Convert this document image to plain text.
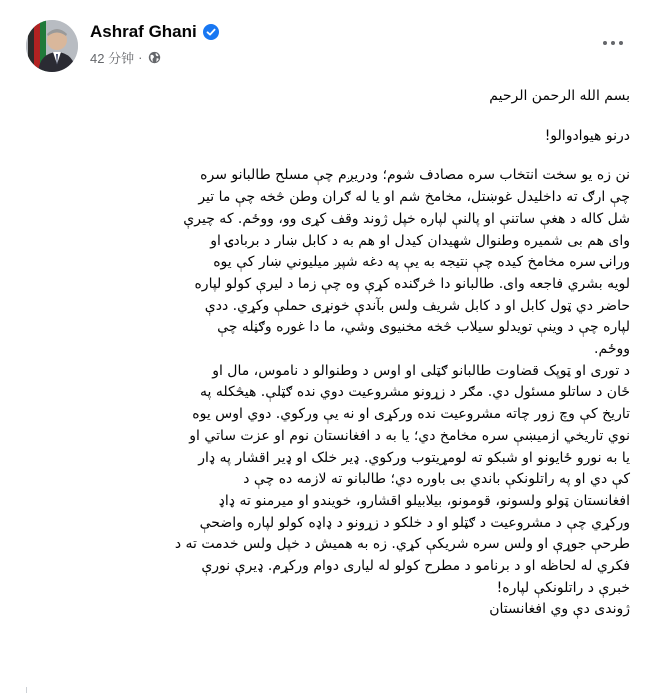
Ashraf Ghani
42 分钟 ·

بسم الله الرحمن الرحيم

درنو هيوادوالو!

نن زه يو سخت انتخاب سره مصادف شوم؛ ودريږم چې مسلح طالبانو سره

چې ارګ ته داخليدل غوښتل، مخامخ شم او يا له ګران وطن څخه چې ما تير

شل کاله د هغې ساتنې او پالنې لپاره خپل ژوند وقف کړی وو، ووځم. که چيرې

وای هم بی شميره وطنوال شهيدان کيدل او هم به د کابل ښار د بربادۍ او

ورانۍ سره مخامخ کيده چې نتيجه به يې په دغه شپږ ميليوني ښار کې يوه

لويه بشري فاجعه وای. طالبانو دا څرګنده کړې وه چې زما د ليرې کولو لپاره

حاضر دي ټول کابل او د کابل شريف ولس بآندې خونړی حملې وکړي. ددې

لپاره چې د وينې تويدلو سيلاب څخه مخنيوی وشي، ما دا غوره وګڼله چې

ووځم.

د توری او ټوپک قضاوت طالبانو ګټلی او اوس د وطنوالو د ناموس، مال او

ځان د ساتلو مسئول دي. مګر د زړونو مشروعيت دوي نده ګټلې. هيڅکله په

تاريخ کې وچ زور چاته مشروعيت نده ورکړی او نه يې ورکوي. دوي اوس يوه

نوي تاريخي ازميښې سره مخامخ دي؛ يا به د افغانستان نوم او عزت ساتي او

يا به نورو ځايونو او شبکو ته لومړيتوب ورکوي. ډير خلک او ډير اقشار په ډار

کې دي او په راتلونکې باندي بی باوره دي؛ طالبانو ته لازمه ده چې د

افغانستان ټولو ولسونو، قومونو، بيلابيلو اقشارو، خويندو او ميرمنو ته ډاډ

ورکړي چې د مشروعيت د ګټلو او د خلکو د زړونو د ډاډه کولو لپاره واضحې

طرحې جوړې او ولس سره شريکې کړي. زه به هميش د خپل ولس خدمت ته د

فکري له لحاظه او د برنامو د مطرح کولو له لياری دوام ورکړم. ډيرې نورې

خبرې د راتلونکې لپاره!

ژوندی دې وي افغانستان
